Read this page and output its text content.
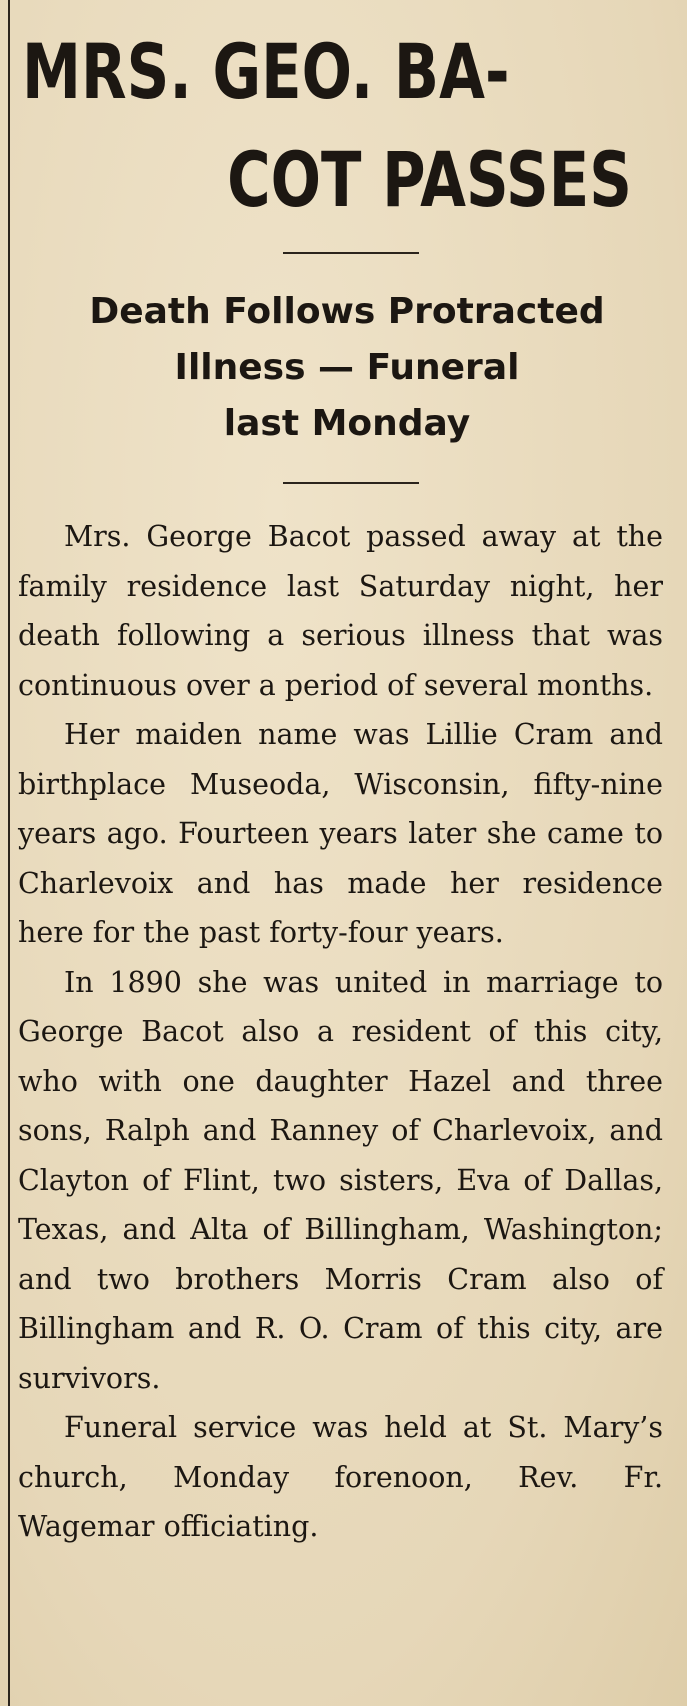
MRS. GEO. BA-
COT PASSES
Death Follows Protracted
Illness — Funeral
last Monday

Mrs. George Bacot passed away at the family residence last Saturday night, her death following a serious illness that was continuous over a period of several months.

Her maiden name was Lillie Cram and birthplace Museoda, Wisconsin, fifty-nine years ago. Fourteen years later she came to Charlevoix and has made her residence here for the past forty-four years.

In 1890 she was united in marriage to George Bacot also a resident of this city, who with one daughter Hazel and three sons, Ralph and Ranney of Charlevoix, and Clayton of Flint, two sisters, Eva of Dallas, Texas, and Alta of Billingham, Washington; and two brothers Morris Cram also of Billingham and R. O. Cram of this city, are survivors.

Funeral service was held at St. Mary’s church, Monday forenoon, Rev. Fr. Wagemar officiating.
